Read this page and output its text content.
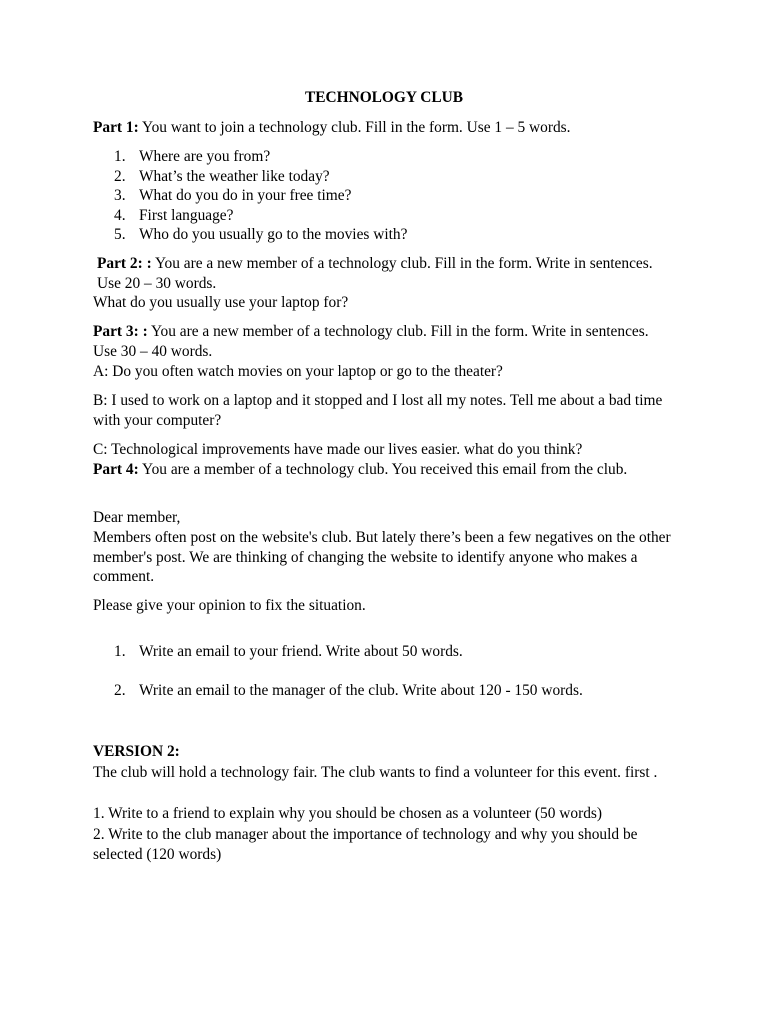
TECHNOLOGY CLUB

Part 1: You want to join a technology club. Fill in the form. Use 1 – 5 words.

1. Where are you from?
2. What’s the weather like today?
3. What do you do in your free time?
4. First language?
5. Who do you usually go to the movies with?

Part 2: : You are a new member of a technology club. Fill in the form. Write in sentences. Use 20 – 30 words.

What do you usually use your laptop for?

Part 3: : You are a new member of a technology club. Fill in the form. Write in sentences. Use 30 – 40 words.

A: Do you often watch movies on your laptop or go to the theater?

B: I used to work on a laptop and it stopped and I lost all my notes. Tell me about a bad time with your computer?

C: Technological improvements have made our lives easier. what do you think?

Part 4: You are a member of a technology club. You received this email from the club.

Dear member,

Members often post on the website's club. But lately there’s been a few negatives on the other member's post. We are thinking of changing the website to identify anyone who makes a comment.

Please give your opinion to fix the situation.

1. Write an email to your friend. Write about 50 words.
2. Write an email to the manager of the club. Write about 120 - 150 words.

VERSION 2:

The club will hold a technology fair. The club wants to find a volunteer for this event. first .

1. Write to a friend to explain why you should be chosen as a volunteer (50 words)

2. Write to the club manager about the importance of technology and why you should be selected (120 words)
